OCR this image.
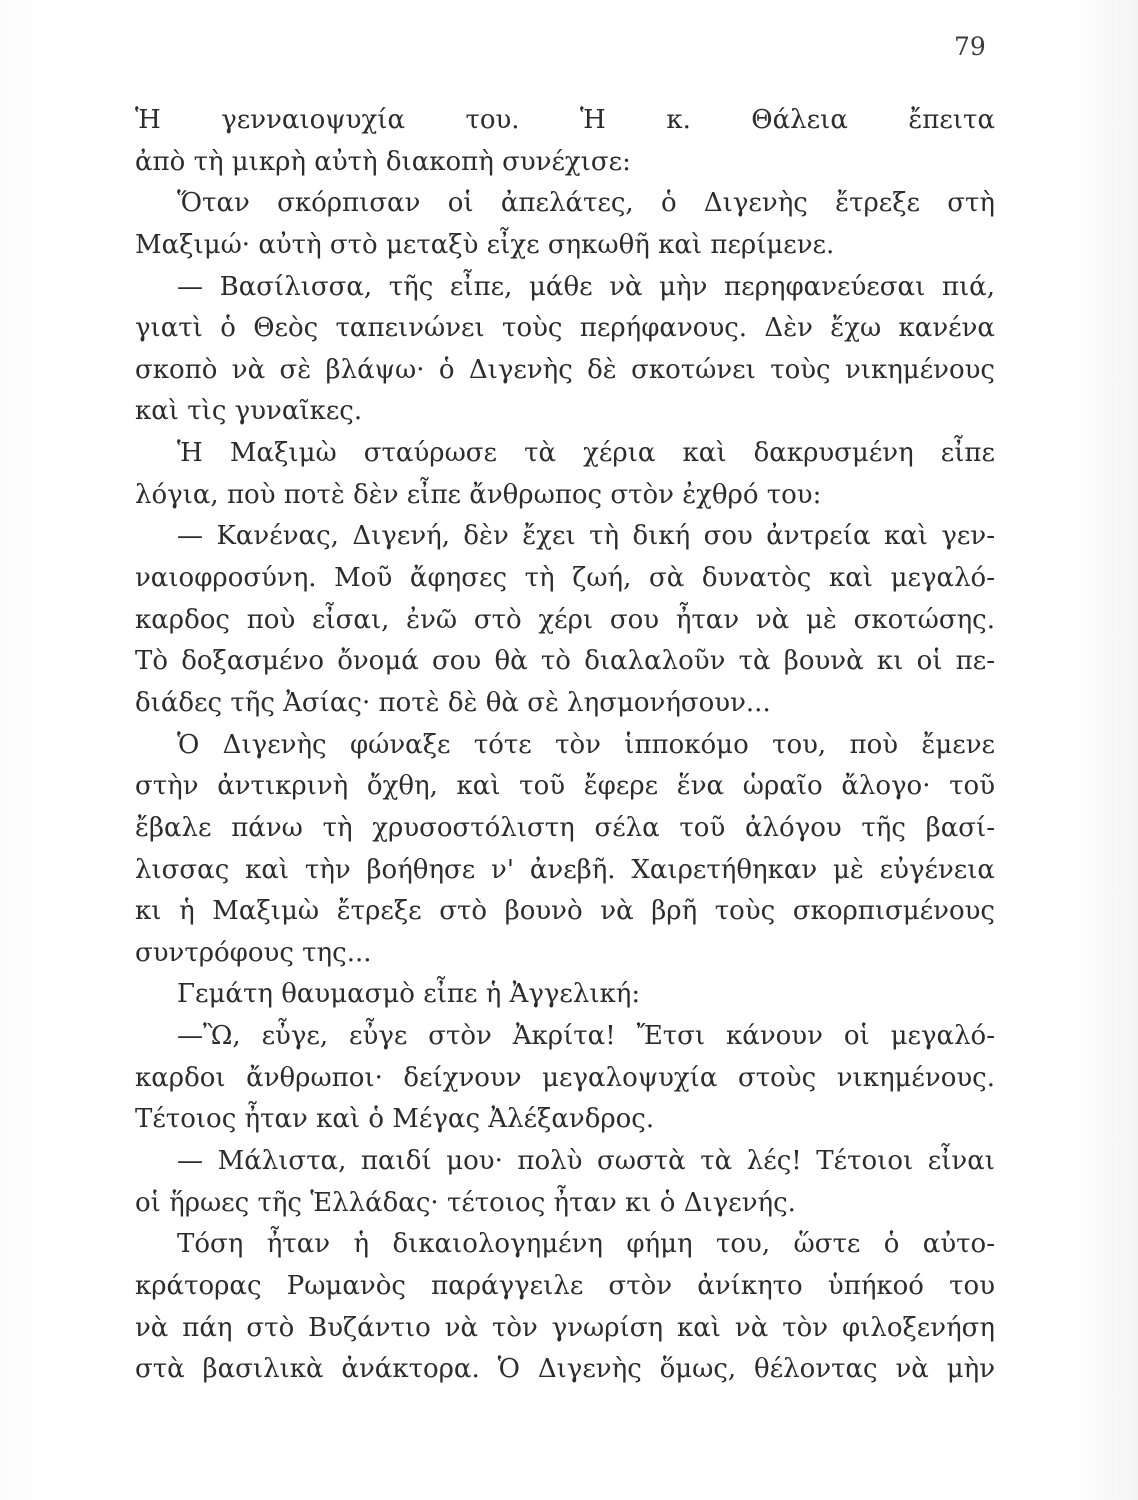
79
Ἡ γενναιοψυχία του. Ἡ κ. Θάλεια ἔπειτα
ἀπὸ τὴ μικρὴ αὐτὴ διακοπὴ συνέχισε:
Ὅταν σκόρπισαν οἱ ἀπελάτες, ὁ Διγενὴς ἔτρεξε στὴ
Μαξιμώ· αὐτὴ στὸ μεταξὺ εἶχε σηκωθῆ καὶ περίμενε.
— Βασίλισσα, τῆς εἶπε, μάθε νὰ μὴν περηφανεύεσαι πιά,
γιατὶ ὁ Θεὸς ταπεινώνει τοὺς περήφανους. Δὲν ἔχω κανένα
σκοπὸ νὰ σὲ βλάψω· ὁ Διγενὴς δὲ σκοτώνει τοὺς νικημένους
καὶ τὶς γυναῖκες.
Ἡ Μαξιμὼ σταύρωσε τὰ χέρια καὶ δακρυσμένη εἶπε
λόγια, ποὺ ποτὲ δὲν εἶπε ἄνθρωπος στὸν ἐχθρό του:
— Κανένας, Διγενή, δὲν ἔχει τὴ δική σου ἀντρεία καὶ γεν-
ναιοφροσύνη. Μοῦ ἄφησες τὴ ζωή, σὰ δυνατὸς καὶ μεγαλό-
καρδος ποὺ εἶσαι, ἐνῶ στὸ χέρι σου ἦταν νὰ μὲ σκοτώσης.
Τὸ δοξασμένο ὄνομά σου θὰ τὸ διαλαλοῦν τὰ βουνὰ κι οἱ πε-
διάδες τῆς Ἀσίας· ποτὲ δὲ θὰ σὲ λησμονήσουν...
Ὁ Διγενὴς φώναξε τότε τὸν ἱπποκόμο του, ποὺ ἔμενε
στὴν ἀντικρινὴ ὄχθη, καὶ τοῦ ἔφερε ἕνα ὡραῖο ἄλογο· τοῦ
ἔβαλε πάνω τὴ χρυσοστόλιστη σέλα τοῦ ἀλόγου τῆς βασί-
λισσας καὶ τὴν βοήθησε ν' ἀνεβῆ. Χαιρετήθηκαν μὲ εὐγένεια
κι ἡ Μαξιμὼ ἔτρεξε στὸ βουνὸ νὰ βρῆ τοὺς σκορπισμένους
συντρόφους της...
Γεμάτη θαυμασμὸ εἶπε ἡ Ἀγγελική:
—Ὢ, εὖγε, εὖγε στὸν Ἀκρίτα! Ἔτσι κάνουν οἱ μεγαλό-
καρδοι ἄνθρωποι· δείχνουν μεγαλοψυχία στοὺς νικημένους.
Τέτοιος ἦταν καὶ ὁ Μέγας Ἀλέξανδρος.
— Μάλιστα, παιδί μου· πολὺ σωστὰ τὰ λές! Τέτοιοι εἶναι
οἱ ἥρωες τῆς Ἑλλάδας· τέτοιος ἦταν κι ὁ Διγενής.
Τόση ἦταν ἡ δικαιολογημένη φήμη του, ὥστε ὁ αὐτο-
κράτορας Ρωμανὸς παράγγειλε στὸν ἀνίκητο ὑπήκοό του
νὰ πάη στὸ Βυζάντιο νὰ τὸν γνωρίση καὶ νὰ τὸν φιλοξενήση
στὰ βασιλικὰ ἀνάκτορα. Ὁ Διγενὴς ὅμως, θέλοντας νὰ μὴν
